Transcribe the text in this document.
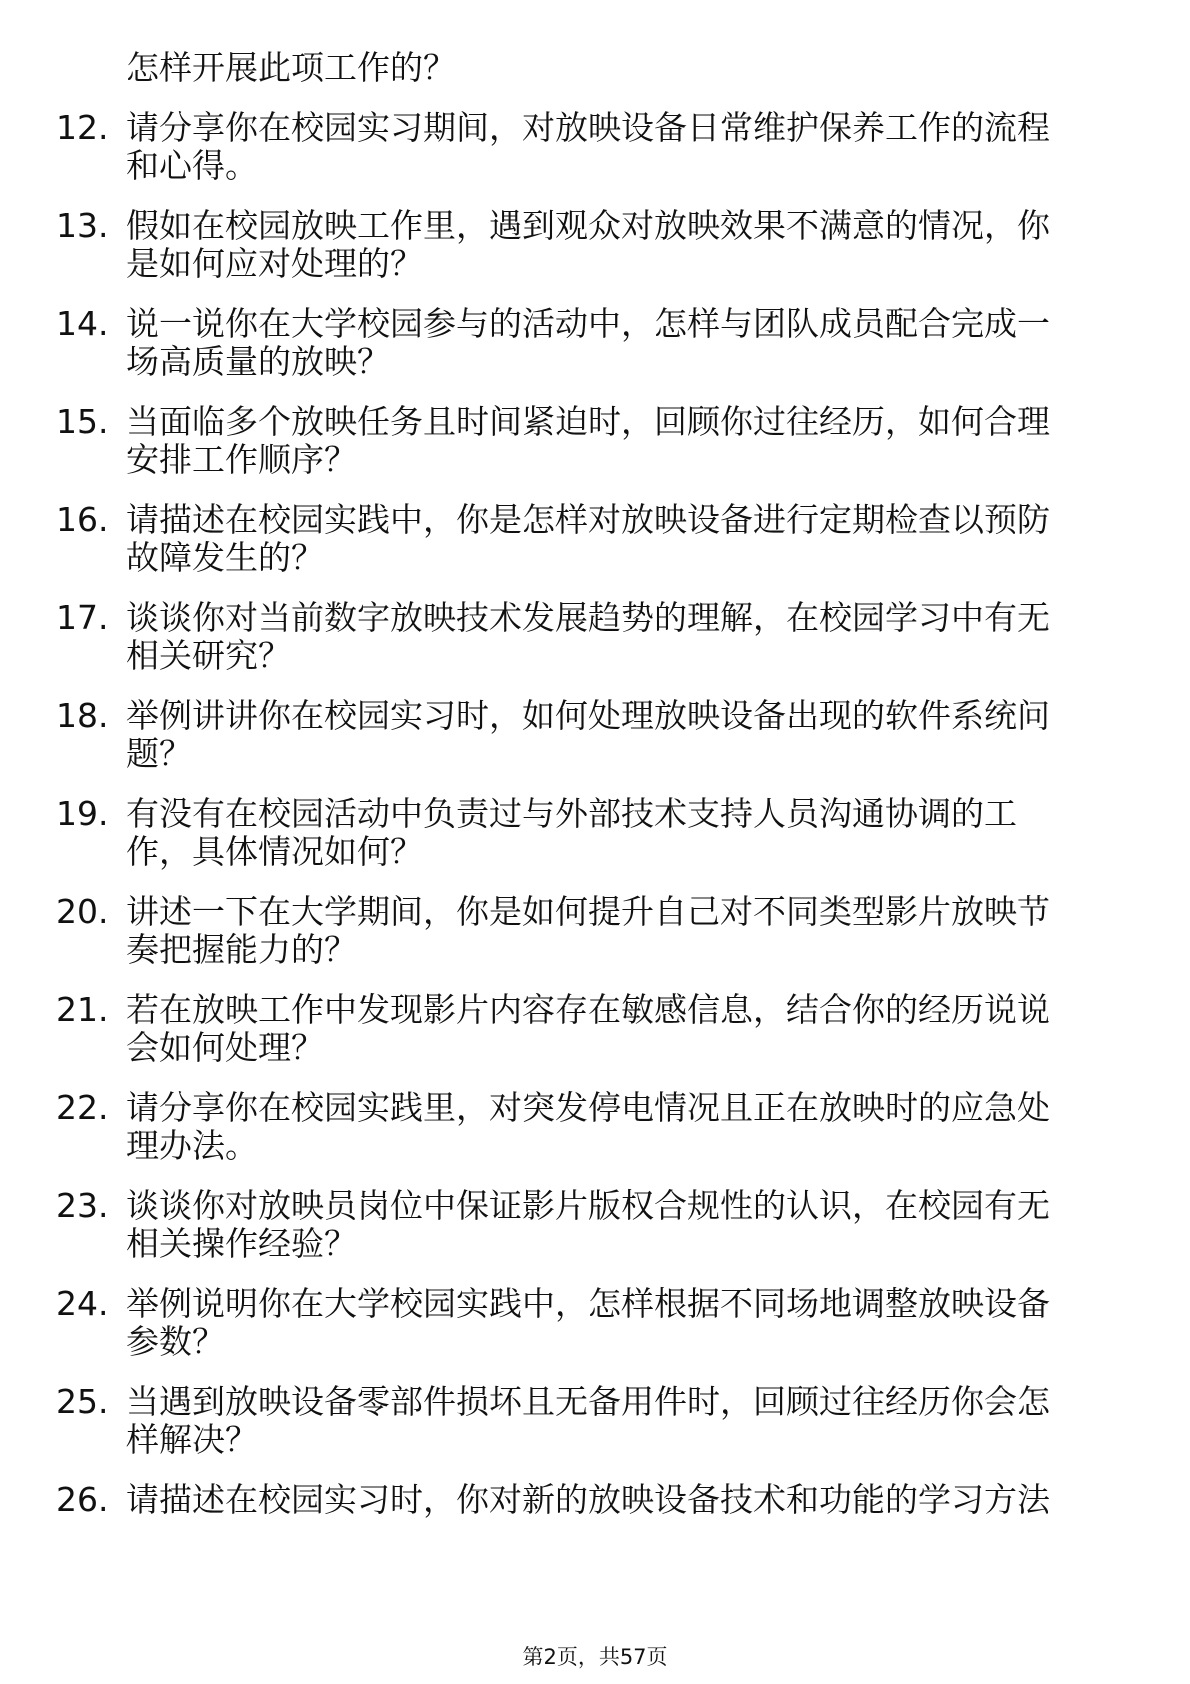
怎样开展此项工作的？
12. 请分享你在校园实习期间，对放映设备日常维护保养工作的流程
和心得。
13. 假如在校园放映工作里，遇到观众对放映效果不满意的情况，你
是如何应对处理的？
14. 说一说你在大学校园参与的活动中，怎样与团队成员配合完成一
场高质量的放映？
15. 当面临多个放映任务且时间紧迫时，回顾你过往经历，如何合理
安排工作顺序？
16. 请描述在校园实践中，你是怎样对放映设备进行定期检查以预防
故障发生的？
17. 谈谈你对当前数字放映技术发展趋势的理解，在校园学习中有无
相关研究？
18. 举例讲讲你在校园实习时，如何处理放映设备出现的软件系统问
题？
19. 有没有在校园活动中负责过与外部技术支持人员沟通协调的工
作，具体情况如何？
20. 讲述一下在大学期间，你是如何提升自己对不同类型影片放映节
奏把握能力的？
21. 若在放映工作中发现影片内容存在敏感信息，结合你的经历说说
会如何处理？
22. 请分享你在校园实践里，对突发停电情况且正在放映时的应急处
理办法。
23. 谈谈你对放映员岗位中保证影片版权合规性的认识，在校园有无
相关操作经验？
24. 举例说明你在大学校园实践中，怎样根据不同场地调整放映设备
参数？
25. 当遇到放映设备零部件损坏且无备用件时，回顾过往经历你会怎
样解决？
26. 请描述在校园实习时，你对新的放映设备技术和功能的学习方法
第2页，共57页
